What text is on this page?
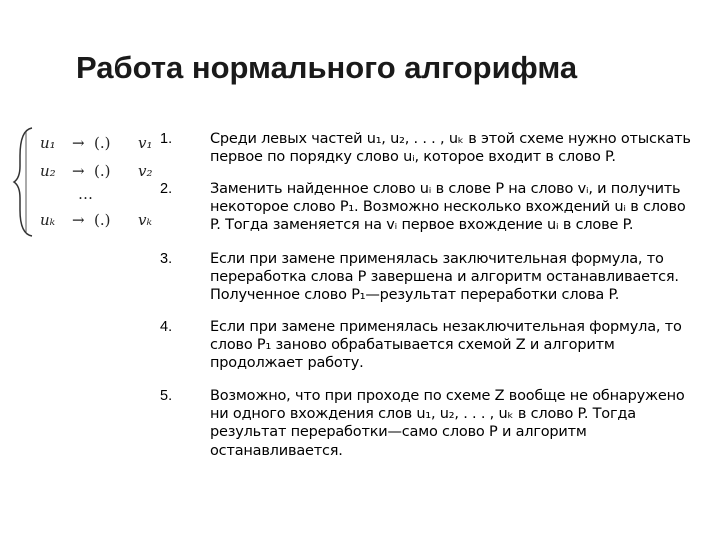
Работа нормального алгорифма
u₁ → (.) v₁
u₂ → (.) v₂
…
uₖ → (.) vₖ
1.	Среди левых частей u₁, u₂, . . . , uₖ в этой схеме нужно отыскать
первое по порядку слово uᵢ, которое входит в слово P.
2.	Заменить найденное слово uᵢ в слове P на слово vᵢ, и получить
некоторое слово P₁. Возможно несколько вхождений uᵢ в слово
P. Тогда заменяется на vᵢ первое вхождение uᵢ в слове P.
3.	Если при замене применялась заключительная формула, то
переработка слова P завершена и алгоритм останавливается.
Полученное слово P₁—результат переработки слова P.
4.	Если при замене применялась незаключительная формула, то
слово P₁ заново обрабатывается схемой Z и алгоритм
продолжает работу.
5.	Возможно, что при проходе по схеме Z вообще не обнаружено
ни одного вхождения слов u₁, u₂, . . . , uₖ в слово P. Тогда
результат переработки—само слово P и алгоритм
останавливается.
